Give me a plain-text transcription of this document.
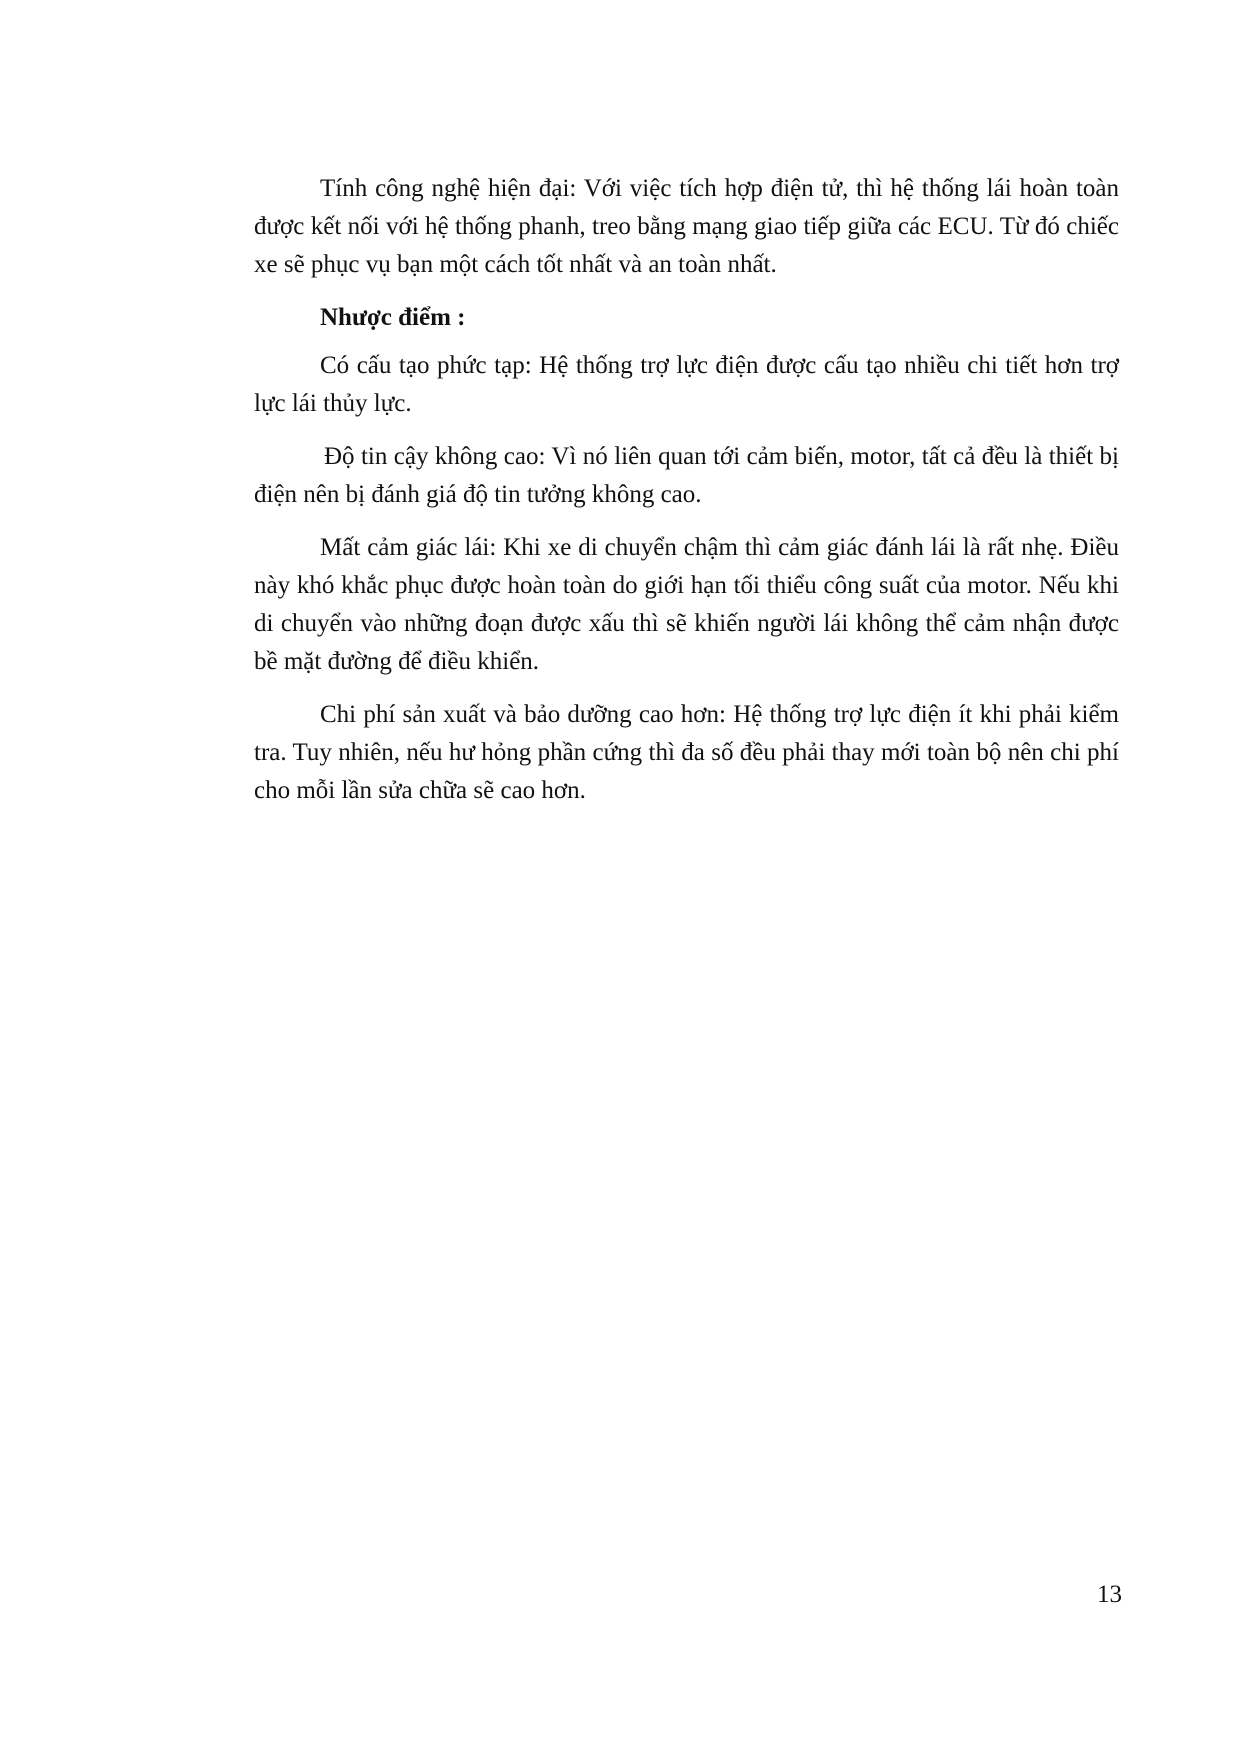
Tính công nghệ hiện đại: Với việc tích hợp điện tử, thì hệ thống lái hoàn toàn được kết nối với hệ thống phanh, treo bằng mạng giao tiếp giữa các ECU. Từ đó chiếc xe sẽ phục vụ bạn một cách tốt nhất và an toàn nhất.

Nhược điểm :

Có cấu tạo phức tạp: Hệ thống trợ lực điện được cấu tạo nhiều chi tiết hơn trợ lực lái thủy lực.

Độ tin cậy không cao: Vì nó liên quan tới cảm biến, motor, tất cả đều là thiết bị điện nên bị đánh giá độ tin tưởng không cao.

Mất cảm giác lái: Khi xe di chuyển chậm thì cảm giác đánh lái là rất nhẹ. Điều này khó khắc phục được hoàn toàn do giới hạn tối thiểu công suất của motor. Nếu khi di chuyển vào những đoạn được xấu thì sẽ khiến người lái không thể cảm nhận được bề mặt đường để điều khiển.

Chi phí sản xuất và bảo dưỡng cao hơn: Hệ thống trợ lực điện ít khi phải kiểm tra. Tuy nhiên, nếu hư hỏng phần cứng thì đa số đều phải thay mới toàn bộ nên chi phí cho mỗi lần sửa chữa sẽ cao hơn.

13
